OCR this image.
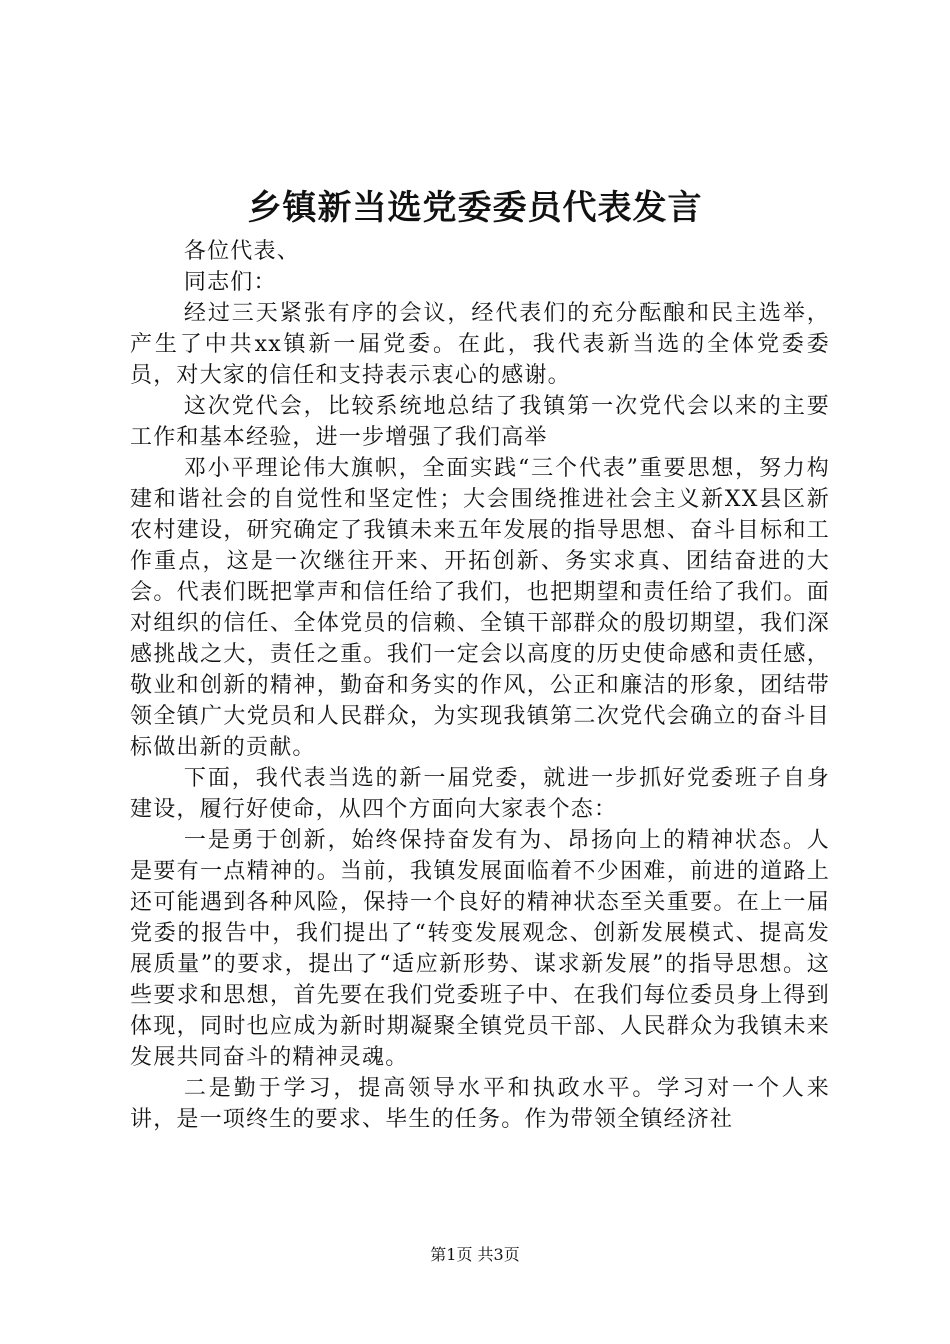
乡镇新当选党委委员代表发言

各位代表、

同志们：

经过三天紧张有序的会议，经代表们的充分酝酿和民主选举，产生了中共xx镇新一届党委。在此，我代表新当选的全体党委委员，对大家的信任和支持表示衷心的感谢。

这次党代会，比较系统地总结了我镇第一次党代会以来的主要工作和基本经验，进一步增强了我们高举

邓小平理论伟大旗帜，全面实践“三个代表”重要思想，努力构建和谐社会的自觉性和坚定性；大会围绕推进社会主义新XX县区新农村建设，研究确定了我镇未来五年发展的指导思想、奋斗目标和工作重点，这是一次继往开来、开拓创新、务实求真、团结奋进的大会。代表们既把掌声和信任给了我们，也把期望和责任给了我们。面对组织的信任、全体党员的信赖、全镇干部群众的殷切期望，我们深感挑战之大，责任之重。我们一定会以高度的历史使命感和责任感，敬业和创新的精神，勤奋和务实的作风，公正和廉洁的形象，团结带领全镇广大党员和人民群众，为实现我镇第二次党代会确立的奋斗目标做出新的贡献。

下面，我代表当选的新一届党委，就进一步抓好党委班子自身建设，履行好使命，从四个方面向大家表个态：

一是勇于创新，始终保持奋发有为、昂扬向上的精神状态。人是要有一点精神的。当前，我镇发展面临着不少困难，前进的道路上还可能遇到各种风险，保持一个良好的精神状态至关重要。在上一届党委的报告中，我们提出了“转变发展观念、创新发展模式、提高发展质量”的要求，提出了“适应新形势、谋求新发展”的指导思想。这些要求和思想，首先要在我们党委班子中、在我们每位委员身上得到体现，同时也应成为新时期凝聚全镇党员干部、人民群众为我镇未来发展共同奋斗的精神灵魂。

二是勤于学习，提高领导水平和执政水平。学习对一个人来讲，是一项终生的要求、毕生的任务。作为带领全镇经济社

第1页 共3页
